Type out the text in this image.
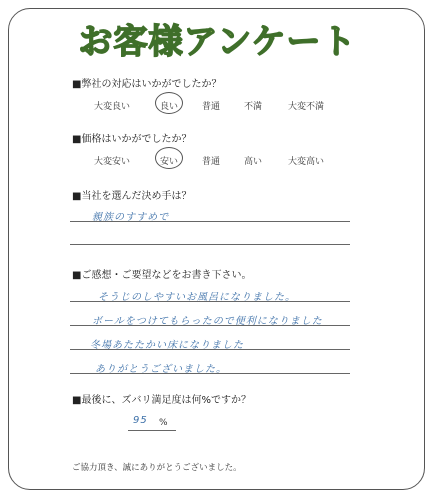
お客様アンケート
■弊社の対応はいかがでしたか？
大変良い	良い	普通	不満	大変不満
■価格はいかがでしたか？
大変安い	安い	普通	高い	大変高い
■当社を選んだ決め手は？
親族のすすめで
■ご感想・ご要望などをお書き下さい。
そうじのしやすいお風呂になりました。
ボールをつけてもらったので便利になりました
冬場あたたかい床になりました
ありがとうございました。
■最後に、ズバリ満足度は何%ですか？
95 %
ご協力頂き、誠にありがとうございました。
